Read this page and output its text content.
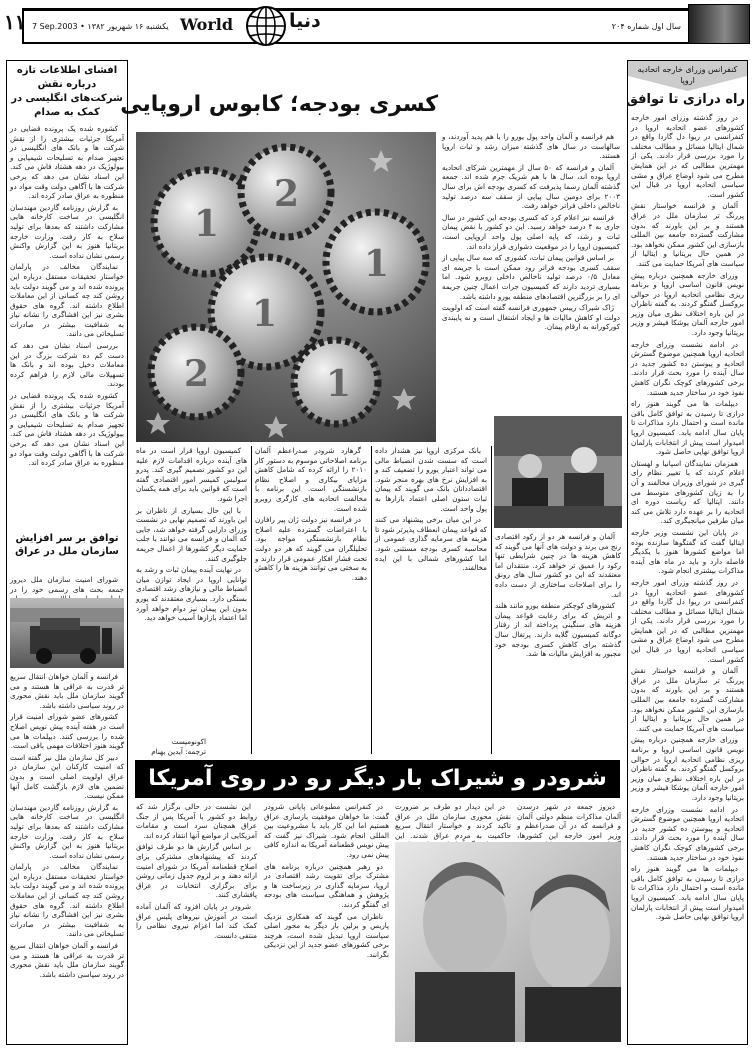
۱۱ 7 Sep.2003 • یکشنبه ۱۶ شهریور ۱۳۸۲ World	دنیا	سال اول شماره ۲۰۴
افشای اطلاعات تازه درباره نقش شرکت‌های انگلیسی در کمک به صدام

کشوره شده یک پرونده قضایی در آمریکا جزئیات بیشتری را از نقش شرکت ها و بانک های انگلیسی در تجهیز صدام به تسلیحات شیمیایی و بیولوژیک در دهه هشتاد فاش می کند. این اسناد نشان می دهد که برخی شرکت ها با آگاهی دولت وقت مواد دو منظوره به عراق صادر کرده اند.

به گزارش روزنامه گاردین مهندسان انگلیسی در ساخت کارخانه هایی مشارکت داشتند که بعدها برای تولید سلاح به کار رفت. وزارت خارجه بریتانیا هنوز به این گزارش واکنش رسمی نشان نداده است.

نمایندگان مخالف در پارلمان خواستار تحقیقات مستقل درباره این پرونده شده اند و می گویند دولت باید روشن کند چه کسانی از این معاملات اطلاع داشته اند. گروه های حقوق بشری نیز این افشاگری را نشانه نیاز به شفافیت بیشتر در صادرات تسلیحاتی می دانند.

بررسی اسناد نشان می دهد که دست کم ده شرکت بزرگ در این معاملات دخیل بوده اند و بانک ها تسهیلات مالی لازم را فراهم کرده بودند.

کشوره شده یک پرونده قضایی در آمریکا جزئیات بیشتری را از نقش شرکت ها و بانک های انگلیسی در تجهیز صدام به تسلیحات شیمیایی و بیولوژیک در دهه هشتاد فاش می کند. این اسناد نشان می دهد که برخی شرکت ها با آگاهی دولت وقت مواد دو منظوره به عراق صادر کرده اند.

توافق بر سر افزایش سازمان ملل در عراق

شورای امنیت سازمان ملل دیروز جمعه بحث های رسمی خود را در

فرانسه و آلمان خواهان انتقال سریع تر قدرت به عراقی ها هستند و می گویند سازمان ملل باید نقش محوری در روند سیاسی داشته باشد.

کشورهای عضو شورای امنیت قرار است در هفته آینده پیش نویس اصلاح شده را بررسی کنند. دیپلمات ها می گویند هنوز اختلافات مهمی باقی است.

دبیر کل سازمان ملل نیز گفته است که امنیت کارکنان این سازمان در عراق اولویت اصلی است و بدون تضمین های لازم بازگشت کامل آنها ممکن نیست.

به گزارش روزنامه گاردین مهندسان انگلیسی در ساخت کارخانه هایی مشارکت داشتند که بعدها برای تولید سلاح به کار رفت. وزارت خارجه بریتانیا هنوز به این گزارش واکنش رسمی نشان نداده است.

نمایندگان مخالف در پارلمان خواستار تحقیقات مستقل درباره این پرونده شده اند و می گویند دولت باید روشن کند چه کسانی از این معاملات اطلاع داشته اند. گروه های حقوق بشری نیز این افشاگری را نشانه نیاز به شفافیت بیشتر در صادرات تسلیحاتی می دانند.

فرانسه و آلمان خواهان انتقال سریع تر قدرت به عراقی ها هستند و می گویند سازمان ملل باید نقش محوری در روند سیاسی داشته باشد.

کنفرانس وزرای خارجه اتحادیه اروپا
راه درازی تا توافق

در روز گذشته وزرای امور خارجه کشورهای عضو اتحادیه اروپا در کنفرانسی در ریوا دل گاردا واقع در شمال ایتالیا مسائل و مطالب مختلف را مورد بررسی قرار دادند. یکی از مهمترین مطالبی که در این همایش مطرح می شود اوضاع عراق و مشی سیاسی اتحادیه اروپا در قبال این کشور است.

آلمان و فرانسه خواستار نقش پررنگ تر سازمان ملل در عراق هستند و بر این باورند که بدون مشارکت گسترده جامعه بین المللی بازسازی این کشور ممکن نخواهد بود. در همین حال بریتانیا و ایتالیا از سیاست های آمریکا حمایت می کنند.

وزرای خارجه همچنین درباره پیش نویس قانون اساسی اروپا و برنامه ریزی نظامی اتحادیه اروپا در حوالی بروکسل گفتگو کردند. به گفته ناظران در این باره اختلاف نظری میان وزیر امور خارجه آلمان یوشکا فیشر و وزیر بریتانیا وجود دارد.

در ادامه نشست وزرای خارجه اتحادیه اروپا همچنین موضوع گسترش اتحادیه و پیوستن ده کشور جدید در سال آینده را مورد بحث قرار دادند. برخی کشورهای کوچک نگران کاهش نفوذ خود در ساختار جدید هستند.

دیپلمات ها می گویند هنوز راه درازی تا رسیدن به توافق کامل باقی مانده است و احتمال دارد مذاکرات تا پایان سال ادامه یابد. کمیسیون اروپا امیدوار است پیش از انتخابات پارلمان اروپا توافق نهایی حاصل شود.

همزمان نمایندگان اسپانیا و لهستان اعلام کردند که با تغییر نظام رای گیری در شورای وزیران مخالفند و آن را به زیان کشورهای متوسط می دانند. ایتالیا که ریاست دوره ای اتحادیه را بر عهده دارد تلاش می کند میان طرفین میانجیگری کند.

در پایان این نشست وزیر خارجه ایتالیا گفت که گفتگوها سازنده بوده اما مواضع کشورها هنوز با یکدیگر فاصله دارد و باید در ماه های آینده مذاکرات بیشتری انجام شود.

در روز گذشته وزرای امور خارجه کشورهای عضو اتحادیه اروپا در کنفرانسی در ریوا دل گاردا واقع در شمال ایتالیا مسائل و مطالب مختلف را مورد بررسی قرار دادند. یکی از مهمترین مطالبی که در این همایش مطرح می شود اوضاع عراق و مشی سیاسی اتحادیه اروپا در قبال این کشور است.

آلمان و فرانسه خواستار نقش پررنگ تر سازمان ملل در عراق هستند و بر این باورند که بدون مشارکت گسترده جامعه بین المللی بازسازی این کشور ممکن نخواهد بود. در همین حال بریتانیا و ایتالیا از سیاست های آمریکا حمایت می کنند.

وزرای خارجه همچنین درباره پیش نویس قانون اساسی اروپا و برنامه ریزی نظامی اتحادیه اروپا در حوالی بروکسل گفتگو کردند. به گفته ناظران در این باره اختلاف نظری میان وزیر امور خارجه آلمان یوشکا فیشر و وزیر بریتانیا وجود دارد.

در ادامه نشست وزرای خارجه اتحادیه اروپا همچنین موضوع گسترش اتحادیه و پیوستن ده کشور جدید در سال آینده را مورد بحث قرار دادند. برخی کشورهای کوچک نگران کاهش نفوذ خود در ساختار جدید هستند.

دیپلمات ها می گویند هنوز راه درازی تا رسیدن به توافق کامل باقی مانده است و احتمال دارد مذاکرات تا پایان سال ادامه یابد. کمیسیون اروپا امیدوار است پیش از انتخابات پارلمان اروپا توافق نهایی حاصل شود.

کسری بودجه؛ کابوس اروپایی

هم فرانسه و آلمان واحد پول یورو را با هم پدید آوردند، و سالهاست در سال های گذشته میزان رشد و ثبات اروپا هستند.

آلمان و فرانسه که ۵۰ سال از مهمترین شرکای اتحادیه اروپا بوده اند، سال ها با هم شریک جرم شده اند. جمعه گذشته آلمان رسما پذیرفت که کسری بودجه اش برای سال ۲۰۰۳ برای دومین سال پیاپی از سقف سه درصد تولید ناخالص داخلی فراتر خواهد رفت.

فرانسه نیز اعلام کرد که کسری بودجه این کشور در سال جاری به ۴ درصد خواهد رسید. این دو کشور با نقض پیمان ثبات و رشد، که پایه اصلی پول واحد اروپایی است، کمیسیون اروپا را در موقعیت دشواری قرار داده اند.

بر اساس قوانین پیمان ثبات، کشوری که سه سال پیاپی از سقف کسری بودجه فراتر رود ممکن است با جریمه ای معادل ۰/۵ درصد تولید ناخالص داخلی روبرو شود. اما بسیاری تردید دارند که کمیسیون جرات اعمال چنین جریمه ای را بر بزرگترین اقتصادهای منطقه یورو داشته باشد.

ژاک شیراک رییس جمهوری فرانسه گفته است که اولویت دولت او کاهش مالیات ها و ایجاد اشتغال است و نه پایبندی کورکورانه به ارقام پیمان.

1
2
1
1
2	1

کمیسیون اروپا قرار است در ماه های آینده درباره اقدامات لازم علیه این دو کشور تصمیم گیری کند. پدرو سولبس کمیسر امور اقتصادی گفته است که قوانین باید برای همه یکسان اجرا شود.

با این حال بسیاری از ناظران بر این باورند که تصمیم نهایی در نشست وزرای دارایی گرفته خواهد شد، جایی که آلمان و فرانسه می توانند با جلب حمایت دیگر کشورها از اعمال جریمه جلوگیری کنند.

در نهایت آینده پیمان ثبات و رشد به توانایی اروپا در ایجاد توازن میان انضباط مالی و نیازهای رشد اقتصادی بستگی دارد. بسیاری معتقدند که یورو بدون این پیمان نیز دوام خواهد آورد اما اعتماد بازارها آسیب خواهد دید.

اکونومیست
ترجمه: آیدین بهنام

گرهارد شرودر صدراعظم آلمان برنامه اصلاحاتی موسوم به دستور کار ۲۰۱۰ را ارائه کرده که شامل کاهش مزایای بیکاری و اصلاح نظام بازنشستگی است. این برنامه با مخالفت اتحادیه های کارگری روبرو شده است.

در فرانسه نیز دولت ژان پیر رافارن با اعتراضات گسترده علیه اصلاح نظام بازنشستگی مواجه بود. تحلیلگران می گویند که هر دو دولت تحت فشار افکار عمومی قرار دارند و به سختی می توانند هزینه ها را کاهش دهند.

بانک مرکزی اروپا نیز هشدار داده است که سست شدن انضباط مالی می تواند اعتبار یورو را تضعیف کند و به افزایش نرخ های بهره منجر شود. اقتصاددانان بانک می گویند که پیمان ثبات ستون اصلی اعتماد بازارها به پول واحد است.

در این میان برخی پیشنهاد می کنند که قواعد پیمان انعطاف پذیرتر شود تا هزینه های سرمایه گذاری عمومی از محاسبه کسری بودجه مستثنی شود. اما کشورهای شمالی با این ایده مخالفند.

آلمان و فرانسه هر دو از رکود اقتصادی رنج می برند و دولت های آنها می گویند که کاهش هزینه ها در چنین شرایطی تنها رکود را عمیق تر خواهد کرد. منتقدان اما معتقدند که این دو کشور سال های رونق را برای اصلاحات ساختاری از دست داده اند.

کشورهای کوچکتر منطقه یورو مانند هلند و اتریش که برای رعایت قواعد پیمان هزینه های سنگینی پرداخته اند از رفتار دوگانه کمیسیون گلایه دارند. پرتغال سال گذشته برای کاهش کسری بودجه خود مجبور به افزایش مالیات ها شد.

شرودر و شیراک بار دیگر رو در روی آمریکا

دیروز جمعه در شهر درسدن آلمان مذاکرات منظم دولتی آلمان و فرانسه که در آن صدراعظم و وزیر امور خارجه این کشورها،

در این دیدار دو طرف بر ضرورت نقش محوری سازمان ملل در عراق تاکید کردند و خواستار انتقال سریع حاکمیت به مردم عراق شدند. این

این نشست در حالی برگزار شد که روابط دو کشور با آمریکا پس از جنگ عراق همچنان سرد است و مقامات آمریکایی از مواضع آنها انتقاد کرده اند.

بر اساس گزارش ها دو طرف توافق کردند که پیشنهادهای مشترکی برای اصلاح قطعنامه آمریکا در شورای امنیت ارائه دهند و بر لزوم جدول زمانی روشن برای برگزاری انتخابات در عراق پافشاری کنند.

شرودر در پایان افزود که آلمان آماده است در آموزش نیروهای پلیس عراق کمک کند اما اعزام نیروی نظامی را منتفی دانست.

در کنفرانس مطبوعاتی پایانی شرودر گفت: ما خواهان موفقیت بازسازی عراق هستیم اما این کار باید با مشروعیت بین المللی انجام شود. شیراک نیز گفت که پیش نویس قطعنامه آمریکا به اندازه کافی پیش نمی رود.

دو رهبر همچنین درباره برنامه های مشترک برای تقویت رشد اقتصادی در اروپا، سرمایه گذاری در زیرساخت ها و پژوهش و هماهنگی سیاست های بودجه ای گفتگو کردند.

ناظران می گویند که همکاری نزدیک پاریس و برلین بار دیگر به محور اصلی سیاست اروپا تبدیل شده است، هرچند برخی کشورهای عضو جدید از این نزدیکی نگرانند.
